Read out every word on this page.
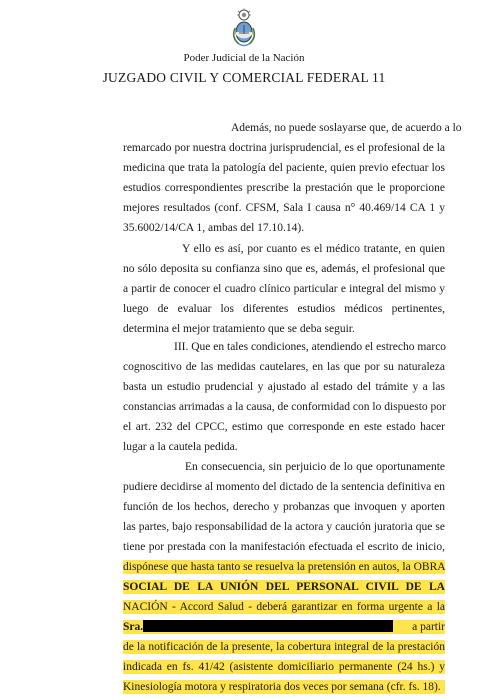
Poder Judicial de la Nación
JUZGADO CIVIL Y COMERCIAL FEDERAL 11
Además, no puede soslayarse que, de acuerdo a lo
remarcado por nuestra doctrina jurisprudencial, es el profesional de la
medicina que trata la patología del paciente, quien previo efectuar los
estudios correspondientes prescribe la prestación que le proporcione
mejores resultados (conf. CFSM, Sala I causa n° 40.469/14 CA 1 y
35.6002/14/CA 1, ambas del 17.10.14).
Y ello es así, por cuanto es el médico tratante, en quien
no sólo deposita su confianza sino que es, además, el profesional que
a partir de conocer el cuadro clínico particular e integral del mismo y
luego de evaluar los diferentes estudios médicos pertinentes,
determina el mejor tratamiento que se deba seguir.
III. Que en tales condiciones, atendiendo el estrecho marco
cognoscitivo de las medidas cautelares, en las que por su naturaleza
basta un estudio prudencial y ajustado al estado del trámite y a las
constancias arrimadas a la causa, de conformidad con lo dispuesto por
el art. 232 del CPCC, estimo que corresponde en este estado hacer
lugar a la cautela pedida.
En consecuencia, sin perjuicio de lo que oportunamente
pudiere decidirse al momento del dictado de la sentencia definitiva en
función de los hechos, derecho y probanzas que invoquen y aporten
las partes, bajo responsabilidad de la actora y caución juratoria que se
tiene por prestada con la manifestación efectuada el escrito de inicio,
dispónese que hasta tanto se resuelva la pretensión en autos, la OBRA
SOCIAL DE LA UNIÓN DEL PERSONAL CIVIL DE LA
NACIÓN - Accord Salud - deberá garantizar en forma urgente a la
Sra.	a partir
de la notificación de la presente, la cobertura integral de la prestación
indicada en fs. 41/42 (asistente domiciliario permanente (24 hs.) y
Kinesiología motora y respiratoria dos veces por semana (cfr. fs. 18).
